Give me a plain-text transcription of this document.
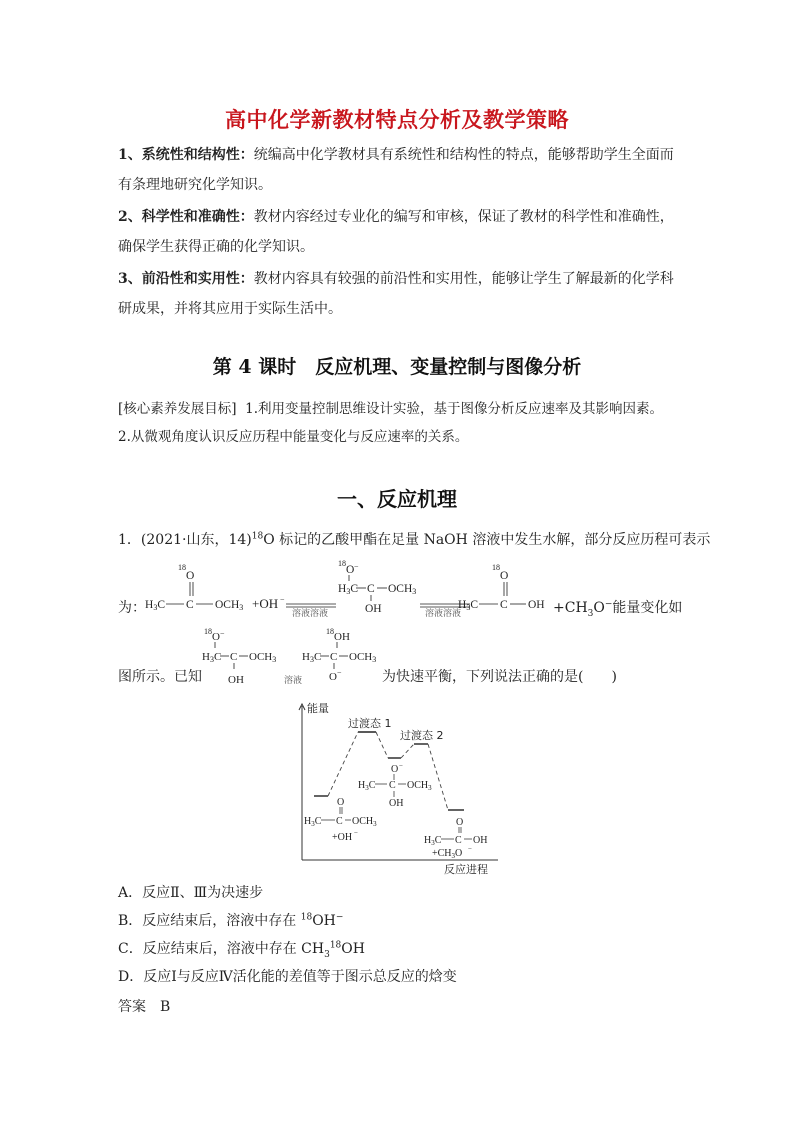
高中化学新教材特点分析及教学策略
1、系统性和结构性：统编高中化学教材具有系统性和结构性的特点，能够帮助学生全面而
有条理地研究化学知识。
2、科学性和准确性：教材内容经过专业化的编写和审核，保证了教材的科学性和准确性，
确保学生获得正确的化学知识。
3、前沿性和实用性：教材内容具有较强的前沿性和实用性，能够让学生了解最新的化学科
研成果，并将其应用于实际生活中。
第 4 课时　反应机理、变量控制与图像分析
[核心素养发展目标] 1.利用变量控制思维设计实验，基于图像分析反应速率及其影响因素。
2.从微观角度认识反应历程中能量变化与反应速率的关系。
一、反应机理
1．(2021·山东，14)$^{18}$O 标记的乙酸甲酯在足量 NaOH 溶液中发生水解，部分反应历程可表示
为：
18
O
H3C C OCH3 +OH −
溶液溶液
18
O −
H3C C OCH3
OH	溶液溶液
18
O
H3C C OH $+CH_3O^-$能量变化如
图所示。已知
18 O −
H3C C OCH3
OH	溶液
18 OH
H3C C OCH3
O −	为快速平衡，下列说法正确的是(　　)
能量
反应进程
过渡态 1
过渡态 2
O
$H_3C$ C $OCH_3$
+OH −
O −
$H_3C$ C $OCH_3$
OH
O
$H_3C$ C OH
$+CH_3O$ −
A．反应Ⅱ、Ⅲ为决速步
B．反应结束后，溶液中存在 $^{18}$OH−
C．反应结束后，溶液中存在 $CH_3^{18}OH$
D．反应Ⅰ与反应Ⅳ活化能的差值等于图示总反应的焓变
答案　B
